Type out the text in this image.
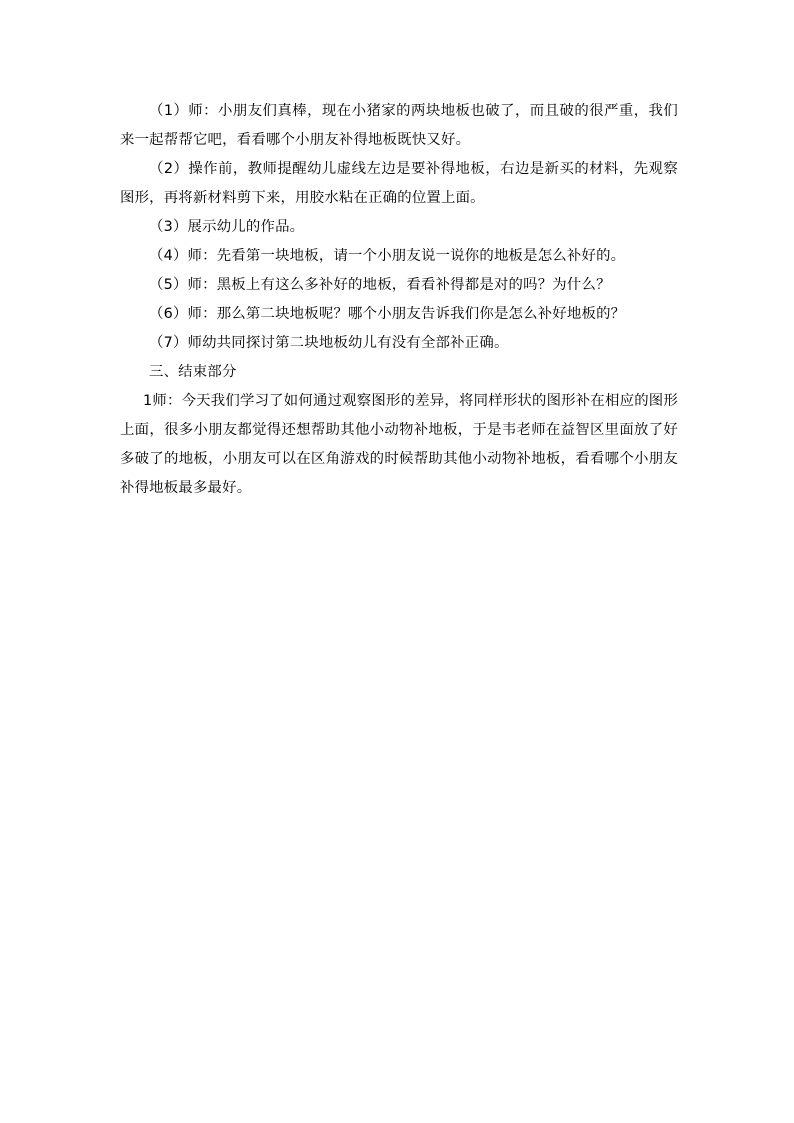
（1）师：小朋友们真棒，现在小猪家的两块地板也破了，而且破的很严重，我们来一起帮帮它吧，看看哪个小朋友补得地板既快又好。

（2）操作前，教师提醒幼儿虚线左边是要补得地板，右边是新买的材料，先观察图形，再将新材料剪下来，用胶水粘在正确的位置上面。

（3）展示幼儿的作品。

（4）师：先看第一块地板，请一个小朋友说一说你的地板是怎么补好的。

（5）师：黑板上有这么多补好的地板，看看补得都是对的吗？为什么？

（6）师：那么第二块地板呢？哪个小朋友告诉我们你是怎么补好地板的？

（7）师幼共同探讨第二块地板幼儿有没有全部补正确。

三、结束部分

1师：今天我们学习了如何通过观察图形的差异，将同样形状的图形补在相应的图形上面，很多小朋友都觉得还想帮助其他小动物补地板，于是韦老师在益智区里面放了好多破了的地板，小朋友可以在区角游戏的时候帮助其他小动物补地板，看看哪个小朋友补得地板最多最好。
